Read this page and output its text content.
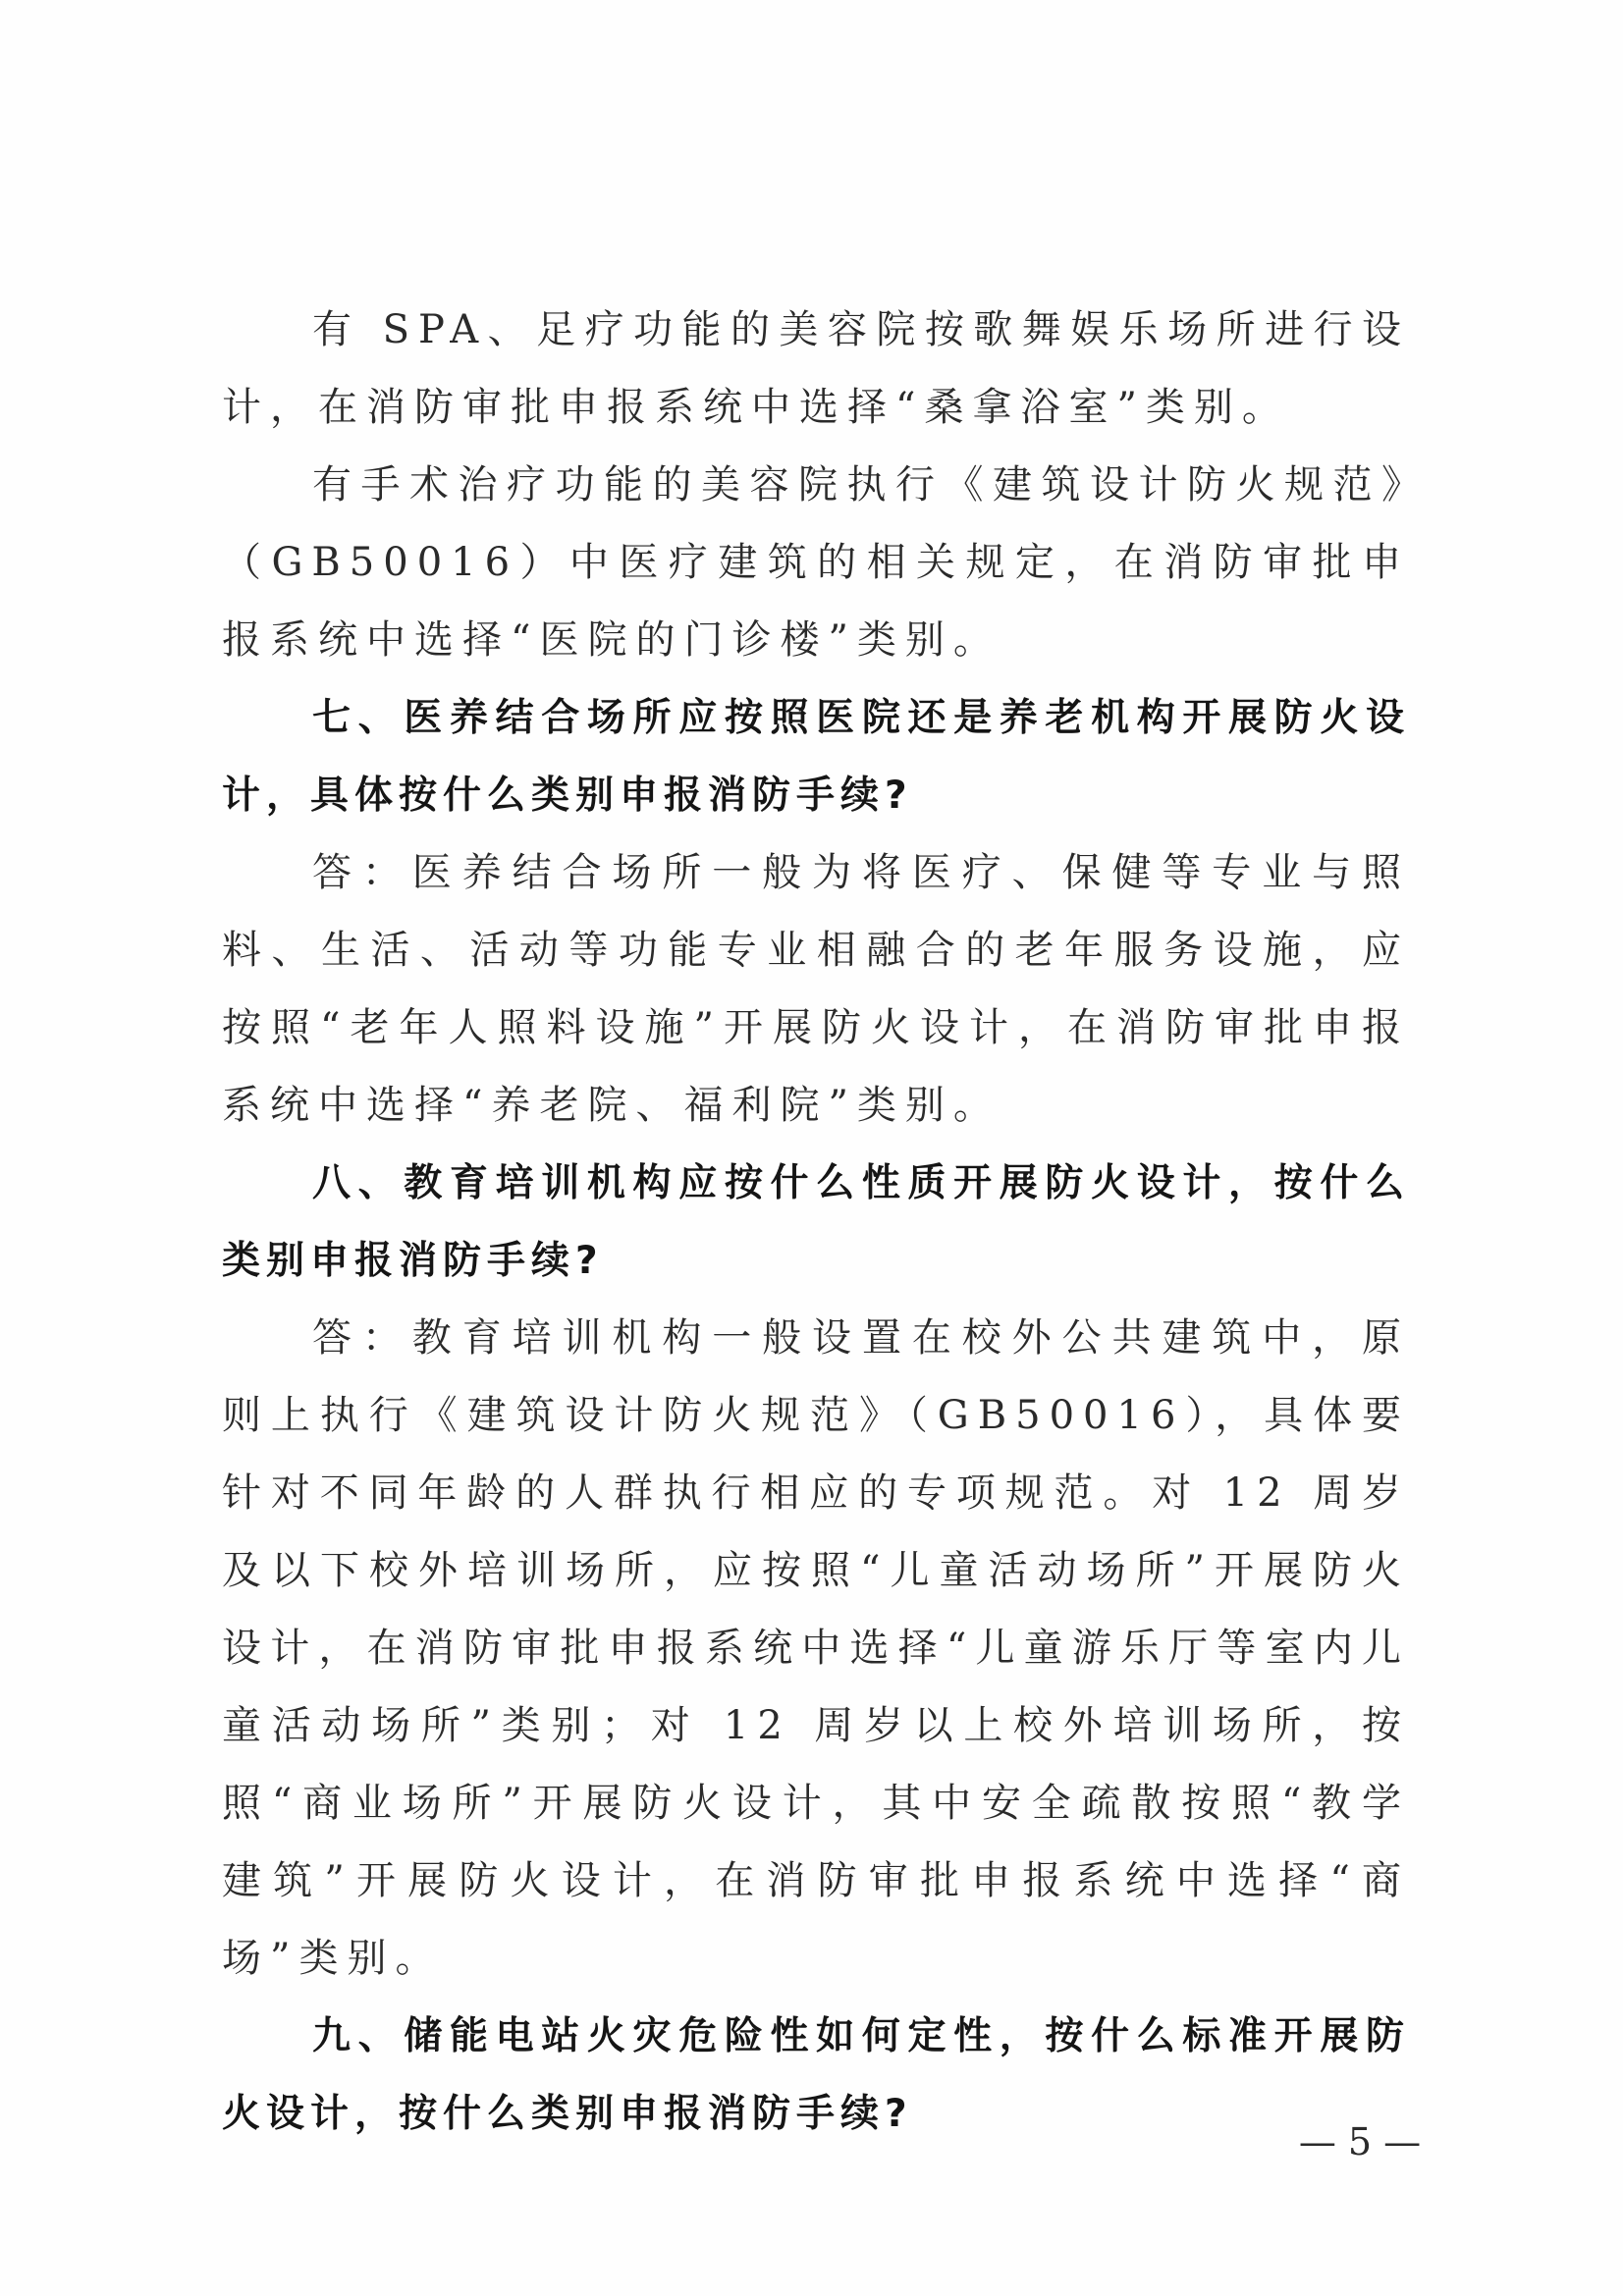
有 SPA、足疗功能的美容院按歌舞娱乐场所进行设计，在消防审批申报系统中选择“桑拿浴室”类别。

有手术治疗功能的美容院执行《建筑设计防火规范》（GB50016）中医疗建筑的相关规定，在消防审批申报系统中选择“医院的门诊楼”类别。

七、医养结合场所应按照医院还是养老机构开展防火设计，具体按什么类别申报消防手续?

答：医养结合场所一般为将医疗、保健等专业与照料、生活、活动等功能专业相融合的老年服务设施，应按照“老年人照料设施”开展防火设计，在消防审批申报系统中选择“养老院、福利院”类别。

八、教育培训机构应按什么性质开展防火设计，按什么类别申报消防手续?

答：教育培训机构一般设置在校外公共建筑中，原则上执行《建筑设计防火规范》（GB50016），具体要针对不同年龄的人群执行相应的专项规范。对 12 周岁及以下校外培训场所，应按照“儿童活动场所”开展防火设计，在消防审批申报系统中选择“儿童游乐厅等室内儿童活动场所”类别；对 12 周岁以上校外培训场所，按照“商业场所”开展防火设计，其中安全疏散按照“教学建筑”开展防火设计，在消防审批申报系统中选择“商场”类别。

九、储能电站火灾危险性如何定性，按什么标准开展防火设计，按什么类别申报消防手续?

— 5 —
